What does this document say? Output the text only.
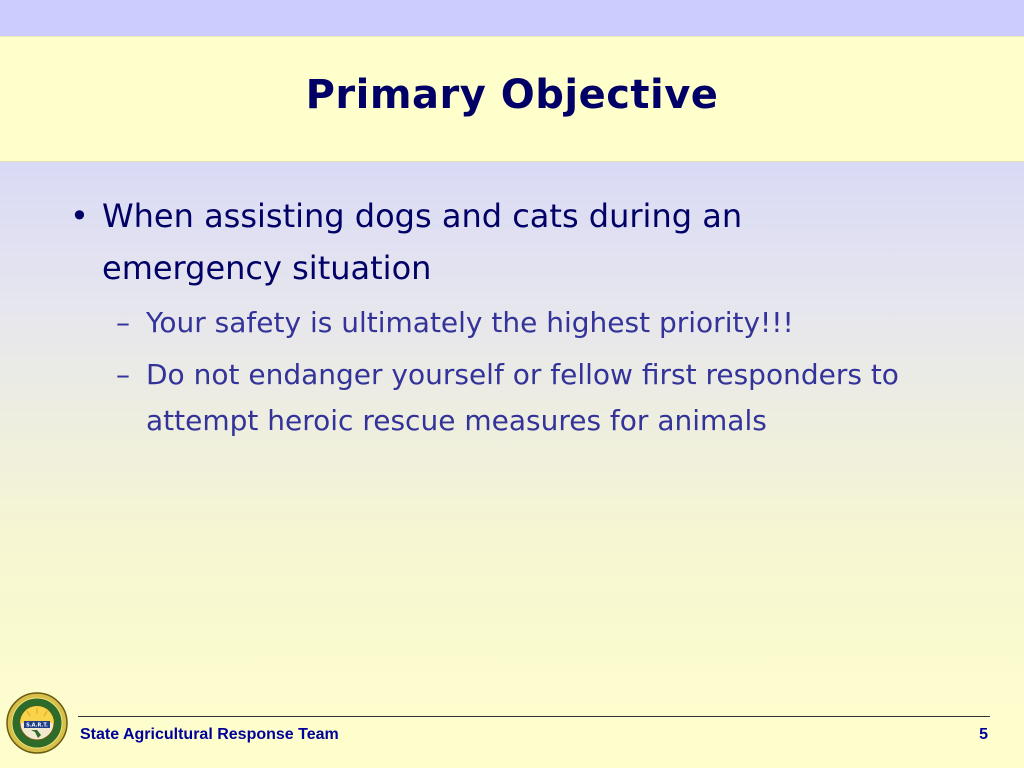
Primary Objective
• When assisting dogs and cats during an emergency situation
– Your safety is ultimately the highest priority!!!
– Do not endanger yourself or fellow first responders to attempt heroic rescue measures for animals
S.A.R.T.
State Agricultural Response Team	5
